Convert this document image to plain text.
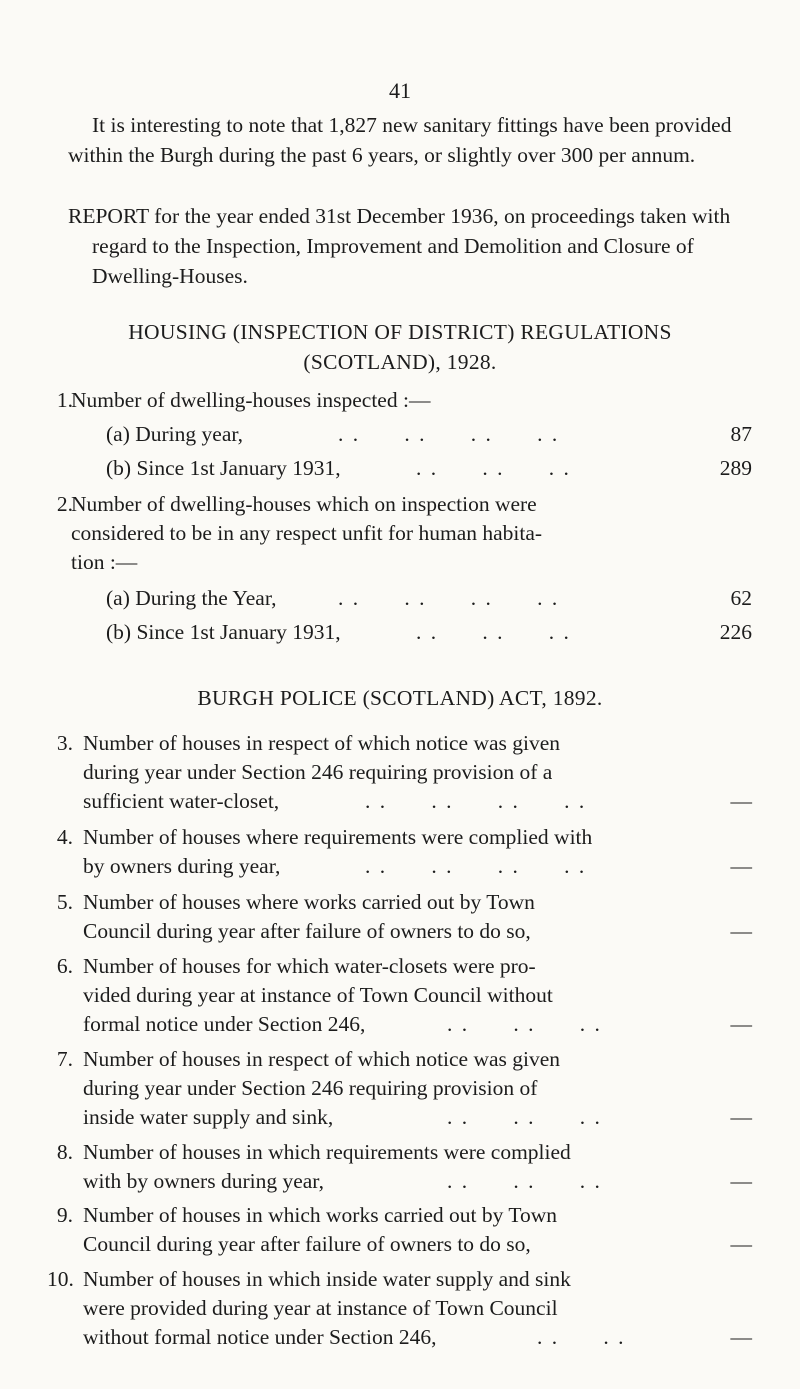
41
It is interesting to note that 1,827 new sanitary fittings have been provided within the Burgh during the past 6 years, or slightly over 300 per annum.
REPORT for the year ended 31st December 1936, on proceedings taken with regard to the Inspection, Improvement and Demolition and Closure of Dwelling-Houses.
HOUSING (INSPECTION OF DISTRICT) REGULATIONS
(SCOTLAND), 1928.
1.
Number of dwelling-houses inspected :—
(a) During year,	. .      . .      . .      . .	87
(b) Since 1st January 1931,	. .      . .      . .	289
2.
Number of dwelling-houses which on inspection were
considered to be in any respect unfit for human habita-
tion :—
(a) During the Year,	. .      . .      . .      . .	62
(b) Since 1st January 1931,	. .      . .      . .	226
BURGH POLICE (SCOTLAND) ACT, 1892.
3. Number of houses in respect of which notice was given
during year under Section 246 requiring provision of a
sufficient water-closet,	. .      . .      . .      . .	—
4. Number of houses where requirements were complied with
by owners during year,	. .      . .      . .      . .	—
5. Number of houses where works carried out by Town
Council during year after failure of owners to do so,	—
6. Number of houses for which water-closets were pro-
vided during year at instance of Town Council without
formal notice under Section 246,	. .      . .      . .	—
7. Number of houses in respect of which notice was given
during year under Section 246 requiring provision of
inside water supply and sink,	. .      . .      . .	—
8. Number of houses in which requirements were complied
with by owners during year,	. .      . .      . .	—
9. Number of houses in which works carried out by Town
Council during year after failure of owners to do so,	—
10. Number of houses in which inside water supply and sink
were provided during year at instance of Town Council
without formal notice under Section 246,	. .      . .	—
